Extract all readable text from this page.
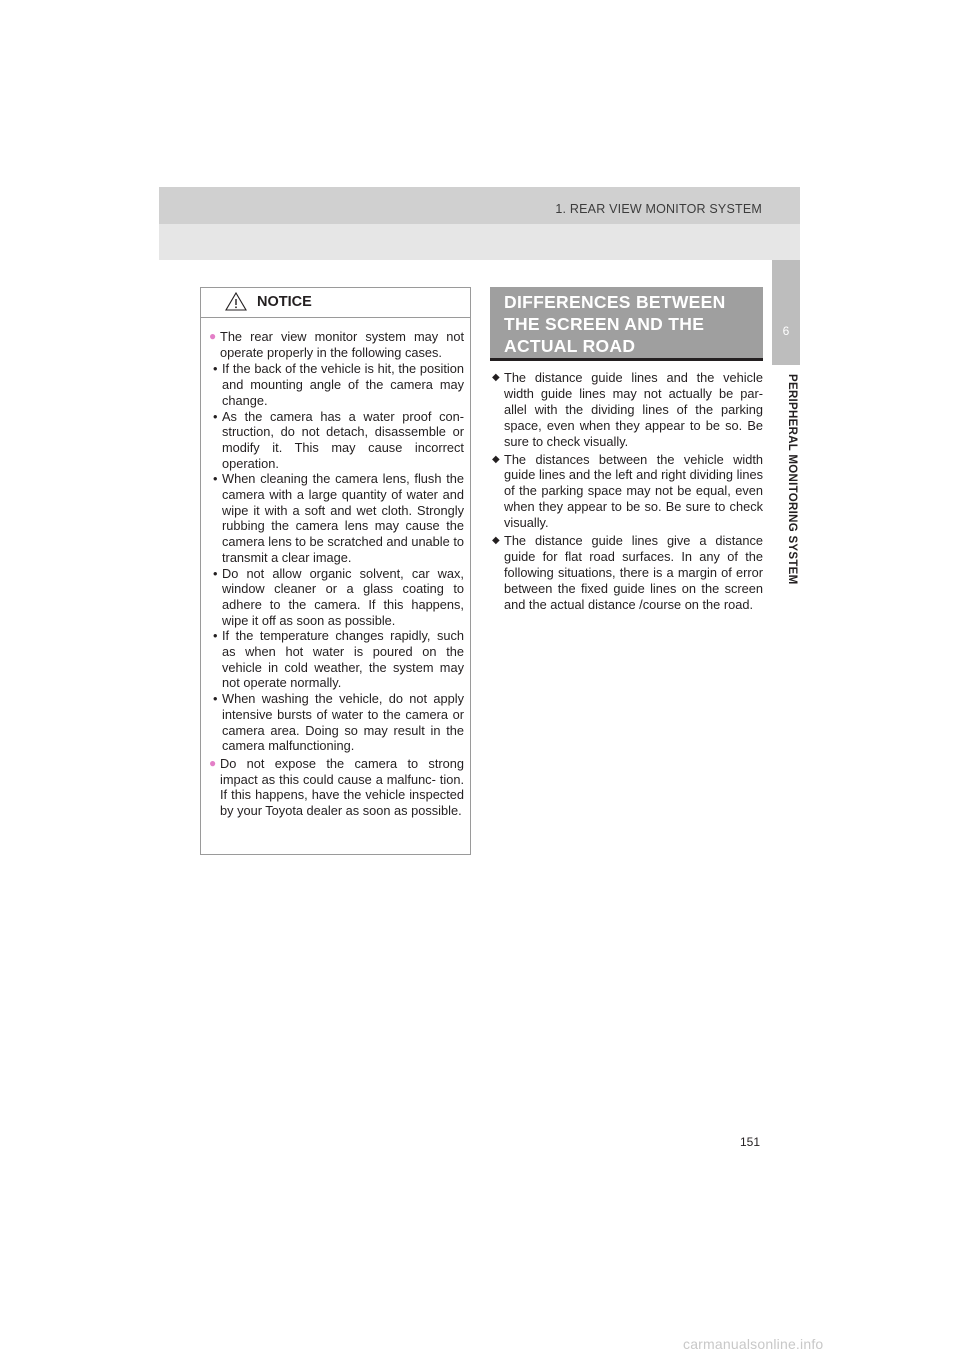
1. REAR VIEW MONITOR SYSTEM
6
PERIPHERAL MONITORING SYSTEM
NOTICE
● The rear view monitor system may not operate properly in the following cases.
• If the back of the vehicle is hit, the position and mounting angle of the camera may change.
• As the camera has a water proof con- struction, do not detach, disassemble or modify it. This may cause incorrect operation.
• When cleaning the camera lens, flush the camera with a large quantity of water and wipe it with a soft and wet cloth. Strongly rubbing the camera lens may cause the camera lens to be scratched and unable to transmit a clear image.
• Do not allow organic solvent, car wax, window cleaner or a glass coating to adhere to the camera. If this happens, wipe it off as soon as possible.
• If the temperature changes rapidly, such as when hot water is poured on the vehicle in cold weather, the system may not operate normally.
• When washing the vehicle, do not apply intensive bursts of water to the camera or camera area. Doing so may result in the camera malfunctioning.
● Do not expose the camera to strong impact as this could cause a malfunc- tion. If this happens, have the vehicle inspected by your Toyota dealer as soon as possible.
DIFFERENCES BETWEEN THE SCREEN AND THE ACTUAL ROAD
◆ The distance guide lines and the vehicle width guide lines may not actually be par- allel with the dividing lines of the parking space, even when they appear to be so. Be sure to check visually.
◆ The distances between the vehicle width guide lines and the left and right dividing lines of the parking space may not be equal, even when they appear to be so. Be sure to check visually.
◆ The distance guide lines give a distance guide for flat road surfaces. In any of the following situations, there is a margin of error between the fixed guide lines on the screen and the actual distance /course on the road.
151
carmanualsonline.info
